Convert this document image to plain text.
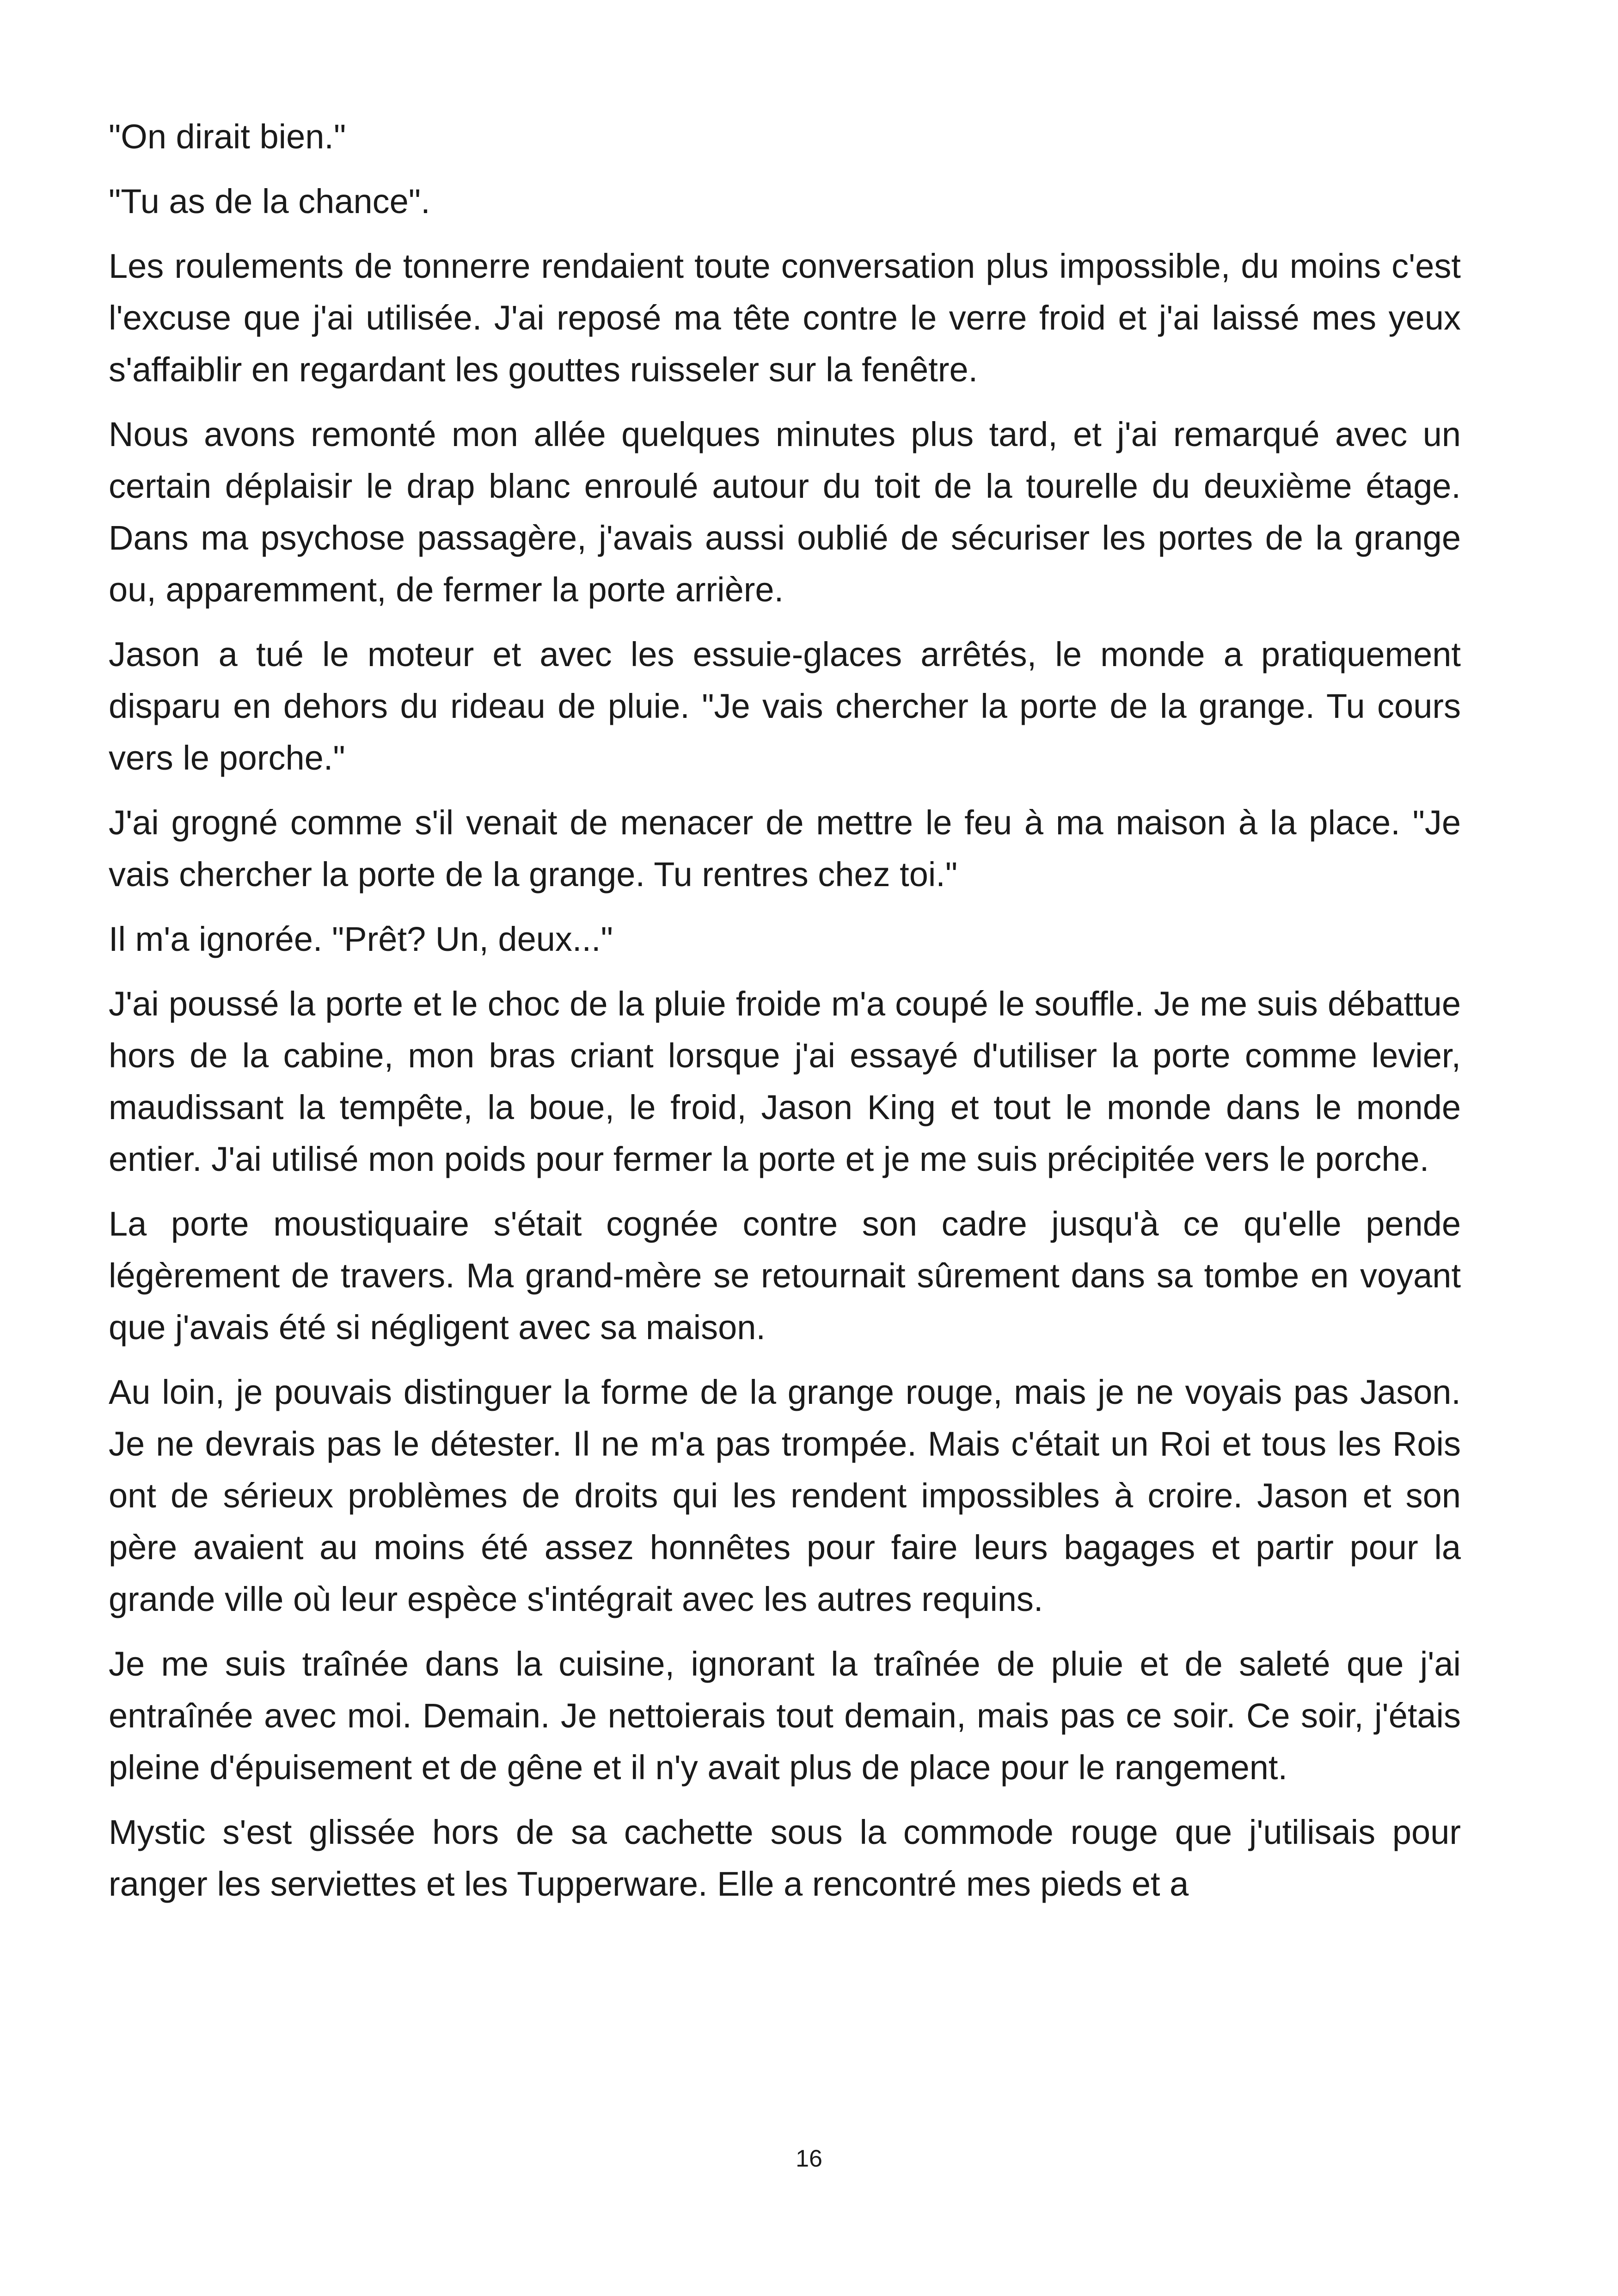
"On dirait bien."

"Tu as de la chance".

Les roulements de tonnerre rendaient toute conversation plus impossible, du moins c'est l'excuse que j'ai utilisée. J'ai reposé ma tête contre le verre froid et j'ai laissé mes yeux s'affaiblir en regardant les gouttes ruisseler sur la fenêtre.

Nous avons remonté mon allée quelques minutes plus tard, et j'ai remarqué avec un certain déplaisir le drap blanc enroulé autour du toit de la tourelle du deuxième étage. Dans ma psychose passagère, j'avais aussi oublié de sécuriser les portes de la grange ou, apparemment, de fermer la porte arrière.

Jason a tué le moteur et avec les essuie-glaces arrêtés, le monde a pratiquement disparu en dehors du rideau de pluie. "Je vais chercher la porte de la grange. Tu cours vers le porche."

J'ai grogné comme s'il venait de menacer de mettre le feu à ma maison à la place. "Je vais chercher la porte de la grange. Tu rentres chez toi."

Il m'a ignorée. "Prêt? Un, deux..."

J'ai poussé la porte et le choc de la pluie froide m'a coupé le souffle. Je me suis débattue hors de la cabine, mon bras criant lorsque j'ai essayé d'utiliser la porte comme levier, maudissant la tempête, la boue, le froid, Jason King et tout le monde dans le monde entier. J'ai utilisé mon poids pour fermer la porte et je me suis précipitée vers le porche.

La porte moustiquaire s'était cognée contre son cadre jusqu'à ce qu'elle pende légèrement de travers. Ma grand-mère se retournait sûrement dans sa tombe en voyant que j'avais été si négligent avec sa maison.

Au loin, je pouvais distinguer la forme de la grange rouge, mais je ne voyais pas Jason. Je ne devrais pas le détester. Il ne m'a pas trompée. Mais c'était un Roi et tous les Rois ont de sérieux problèmes de droits qui les rendent impossibles à croire. Jason et son père avaient au moins été assez honnêtes pour faire leurs bagages et partir pour la grande ville où leur espèce s'intégrait avec les autres requins.

Je me suis traînée dans la cuisine, ignorant la traînée de pluie et de saleté que j'ai entraînée avec moi. Demain. Je nettoierais tout demain, mais pas ce soir. Ce soir, j'étais pleine d'épuisement et de gêne et il n'y avait plus de place pour le rangement.

Mystic s'est glissée hors de sa cachette sous la commode rouge que j'utilisais pour ranger les serviettes et les Tupperware. Elle a rencontré mes pieds et a

16
